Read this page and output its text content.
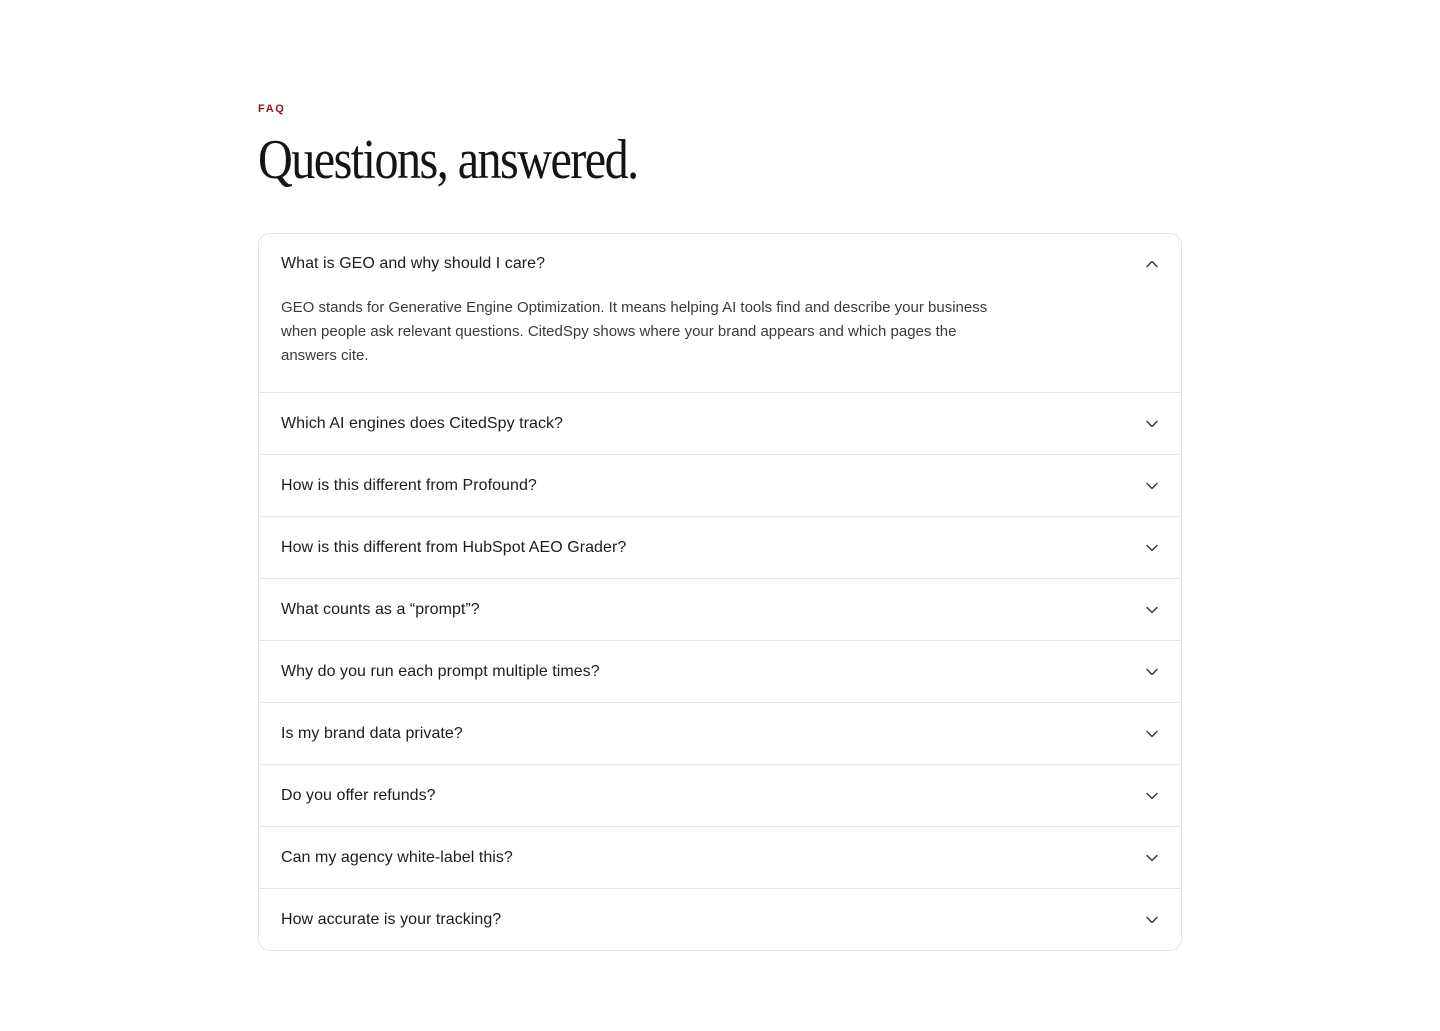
FAQ
Questions, answered.
What is GEO and why should I care?

GEO stands for Generative Engine Optimization. It means helping AI tools find and describe your business when people ask relevant questions. CitedSpy shows where your brand appears and which pages the answers cite.

Which AI engines does CitedSpy track?
How is this different from Profound?
How is this different from HubSpot AEO Grader?
What counts as a “prompt”?
Why do you run each prompt multiple times?
Is my brand data private?
Do you offer refunds?
Can my agency white-label this?
How accurate is your tracking?
